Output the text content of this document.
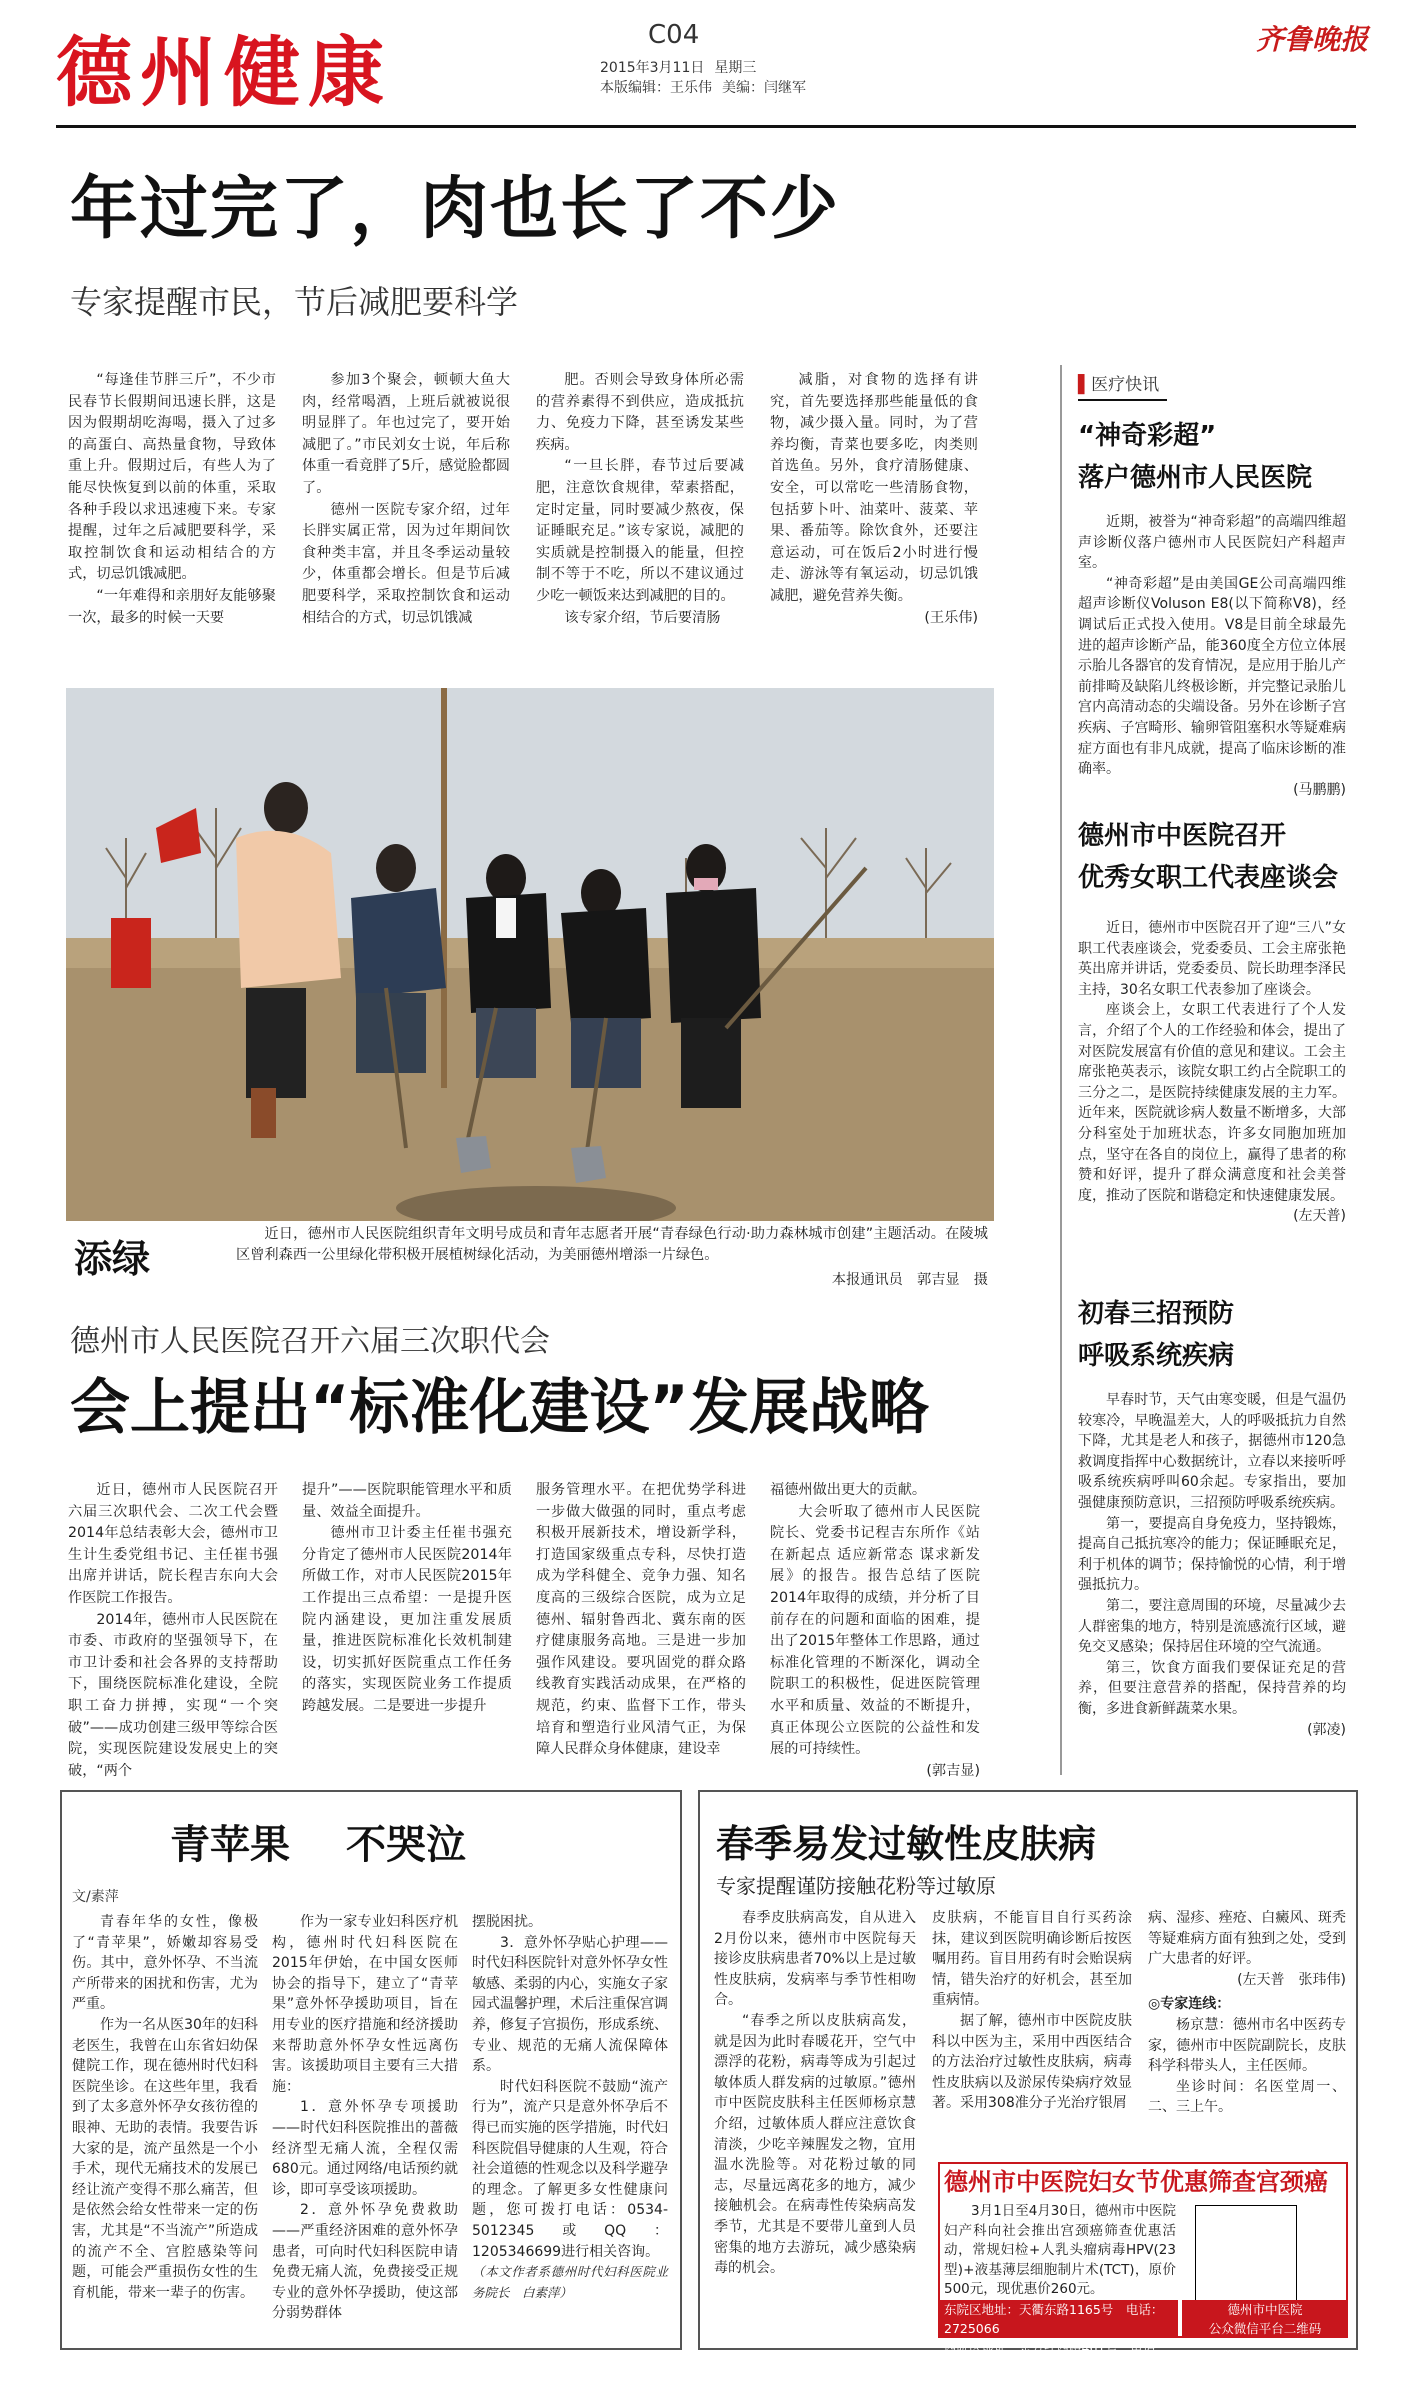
德州健康	C04
2015年3月11日 星期三
本版编辑：王乐伟 美编：闫继军
齐鲁晚报
年过完了，肉也长了不少
专家提醒市民，节后减肥要科学

“每逢佳节胖三斤”，不少市民春节长假期间迅速长胖，这是因为假期胡吃海喝，摄入了过多的高蛋白、高热量食物，导致体重上升。假期过后，有些人为了能尽快恢复到以前的体重，采取各种手段以求迅速瘦下来。专家提醒，过年之后减肥要科学，采取控制饮食和运动相结合的方式，切忌饥饿减肥。

“一年难得和亲朋好友能够聚一次，最多的时候一天要

参加3个聚会，顿顿大鱼大肉，经常喝酒，上班后就被说很明显胖了。年也过完了，要开始减肥了。”市民刘女士说，年后称体重一看竟胖了5斤，感觉脸都圆了。

德州一医院专家介绍，过年长胖实属正常，因为过年期间饮食种类丰富，并且冬季运动量较少，体重都会增长。但是节后减肥要科学，采取控制饮食和运动相结合的方式，切忌饥饿减

肥。否则会导致身体所必需的营养素得不到供应，造成抵抗力、免疫力下降，甚至诱发某些疾病。

“一旦长胖，春节过后要减肥，注意饮食规律，荤素搭配，定时定量，同时要减少熬夜，保证睡眠充足。”该专家说，减肥的实质就是控制摄入的能量，但控制不等于不吃，所以不建议通过少吃一顿饭来达到减肥的目的。

该专家介绍，节后要清肠

减脂，对食物的选择有讲究，首先要选择那些能量低的食物，减少摄入量。同时，为了营养均衡，青菜也要多吃，肉类则首选鱼。另外，食疗清肠健康、安全，可以常吃一些清肠食物，包括萝卜叶、油菜叶、菠菜、苹果、番茄等。除饮食外，还要注意运动，可在饭后2小时进行慢走、游泳等有氧运动，切忌饥饿减肥，避免营养失衡。

(王乐伟)

添绿
近日，德州市人民医院组织青年文明号成员和青年志愿者开展“青春绿色行动·助力森林城市创建”主题活动。在陵城区曾利森西一公里绿化带积极开展植树绿化活动，为美丽德州增添一片绿色。
本报通讯员　郭吉显　摄
德州市人民医院召开六届三次职代会
会上提出“标准化建设”发展战略

近日，德州市人民医院召开六届三次职代会、二次工代会暨2014年总结表彰大会，德州市卫生计生委党组书记、主任崔书强出席并讲话，院长程吉东向大会作医院工作报告。

2014年，德州市人民医院在市委、市政府的坚强领导下，在市卫计委和社会各界的支持帮助下，围绕医院标准化建设，全院职工奋力拼搏，实现“一个突破”——成功创建三级甲等综合医院，实现医院建设发展史上的突破，“两个

提升”——医院职能管理水平和质量、效益全面提升。

德州市卫计委主任崔书强充分肯定了德州市人民医院2014年所做工作，对市人民医院2015年工作提出三点希望：一是提升医院内涵建设，更加注重发展质量，推进医院标准化长效机制建设，切实抓好医院重点工作任务的落实，实现医院业务工作提质跨越发展。二是要进一步提升

服务管理水平。在把优势学科进一步做大做强的同时，重点考虑积极开展新技术，增设新学科，打造国家级重点专科，尽快打造成为学科健全、竞争力强、知名度高的三级综合医院，成为立足德州、辐射鲁西北、冀东南的医疗健康服务高地。三是进一步加强作风建设。要巩固党的群众路线教育实践活动成果，在严格的规范，约束、监督下工作，带头培育和塑造行业风清气正，为保障人民群众身体健康，建设幸

福德州做出更大的贡献。

大会听取了德州市人民医院院长、党委书记程吉东所作《站在新起点 适应新常态 谋求新发展》的报告。报告总结了医院2014年取得的成绩，并分析了目前存在的问题和面临的困难，提出了2015年整体工作思路，通过标准化管理的不断深化，调动全院职工的积极性，促进医院管理水平和质量、效益的不断提升，真正体现公立医院的公益性和发展的可持续性。

(郭吉显)

▌医疗快讯
“神奇彩超”
落户德州市人民医院

近期，被誉为“神奇彩超”的高端四维超声诊断仪落户德州市人民医院妇产科超声室。

“神奇彩超”是由美国GE公司高端四维超声诊断仪Voluson E8(以下简称V8)，经调试后正式投入使用。V8是目前全球最先进的超声诊断产品，能360度全方位立体展示胎儿各器官的发育情况，是应用于胎儿产前排畸及缺陷儿终极诊断，并完整记录胎儿宫内高清动态的尖端设备。另外在诊断子宫疾病、子宫畸形、输卵管阻塞积水等疑难病症方面也有非凡成就，提高了临床诊断的准确率。

(马鹏鹏)

德州市中医院召开
优秀女职工代表座谈会

近日，德州市中医院召开了迎“三八”女职工代表座谈会，党委委员、工会主席张艳英出席并讲话，党委委员、院长助理李泽民主持，30名女职工代表参加了座谈会。

座谈会上，女职工代表进行了个人发言，介绍了个人的工作经验和体会，提出了对医院发展富有价值的意见和建议。工会主席张艳英表示，该院女职工约占全院职工的三分之二，是医院持续健康发展的主力军。近年来，医院就诊病人数量不断增多，大部分科室处于加班状态，许多女同胞加班加点，坚守在各自的岗位上，赢得了患者的称赞和好评，提升了群众满意度和社会美誉度，推动了医院和谐稳定和快速健康发展。

(左天普)

初春三招预防
呼吸系统疾病

早春时节，天气由寒变暖，但是气温仍较寒冷，早晚温差大，人的呼吸抵抗力自然下降，尤其是老人和孩子，据德州市120急救调度指挥中心数据统计，立春以来接听呼吸系统疾病呼叫60余起。专家指出，要加强健康预防意识，三招预防呼吸系统疾病。

第一，要提高自身免疫力，坚持锻炼，提高自己抵抗寒冷的能力；保证睡眠充足，利于机体的调节；保持愉悦的心情，利于增强抵抗力。

第二，要注意周围的环境，尽量减少去人群密集的地方，特别是流感流行区域，避免交叉感染；保持居住环境的空气流通。

第三，饮食方面我们要保证充足的营养，但要注意营养的搭配，保持营养的均衡，多进食新鲜蔬菜水果。

(郭凌)

青苹果 不哭泣
文/素萍

青春年华的女性，像极了“青苹果”，娇嫩却容易受伤。其中，意外怀孕、不当流产所带来的困扰和伤害，尤为严重。

作为一名从医30年的妇科老医生，我曾在山东省妇幼保健院工作，现在德州时代妇科医院坐诊。在这些年里，我看到了太多意外怀孕女孩彷徨的眼神、无助的表情。我要告诉大家的是，流产虽然是一个小手术，现代无痛技术的发展已经让流产变得不那么痛苦，但是依然会给女性带来一定的伤害，尤其是“不当流产”所造成的流产不全、宫腔感染等问题，可能会严重损伤女性的生育机能，带来一辈子的伤害。

作为一家专业妇科医疗机构，德州时代妇科医院在2015年伊始，在中国女医师协会的指导下，建立了“青苹果”意外怀孕援助项目，旨在用专业的医疗措施和经济援助来帮助意外怀孕女性远离伤害。该援助项目主要有三大措施：

1．意外怀孕专项援助——时代妇科医院推出的蔷薇经济型无痛人流，全程仅需680元。通过网络/电话预约就诊，即可享受该项援助。

2．意外怀孕免费救助——严重经济困难的意外怀孕患者，可向时代妇科医院申请免费无痛人流，免费接受正规专业的意外怀孕援助，使这部分弱势群体

摆脱困扰。

3．意外怀孕贴心护理——时代妇科医院针对意外怀孕女性敏感、柔弱的内心，实施女子家园式温馨护理，术后注重保宫调养，修复子宫损伤，形成系统、专业、规范的无痛人流保障体系。

时代妇科医院不鼓励“流产行为”，流产只是意外怀孕后不得已而实施的医学措施，时代妇科医院倡导健康的人生观，符合社会道德的性观念以及科学避孕的理念。了解更多女性健康问题，您可拨打电话：0534-5012345或QQ：1205346699进行相关咨询。

（本文作者系德州时代妇科医院业务院长　白素萍）

春季易发过敏性皮肤病
专家提醒谨防接触花粉等过敏原

春季皮肤病高发，自从进入2月份以来，德州市中医院每天接诊皮肤病患者70%以上是过敏性皮肤病，发病率与季节性相吻合。

“春季之所以皮肤病高发，就是因为此时春暖花开，空气中漂浮的花粉，病毒等成为引起过敏体质人群发病的过敏原。”德州市中医院皮肤科主任医师杨京慧介绍，过敏体质人群应注意饮食清淡，少吃辛辣腥发之物，宜用温水洗脸等。对花粉过敏的同志，尽量远离花多的地方，减少接触机会。在病毒性传染病高发季节，尤其是不要带儿童到人员密集的地方去游玩，减少感染病毒的机会。

皮肤病，不能盲目自行买药涂抹，建议到医院明确诊断后按医嘱用药。盲目用药有时会贻误病情，错失治疗的好机会，甚至加重病情。

据了解，德州市中医院皮肤科以中医为主，采用中西医结合的方法治疗过敏性皮肤病，病毒性皮肤病以及淤尿传染病疗效显著。采用308准分子光治疗银屑

病、湿疹、痤疮、白癜风、斑秃等疑难病方面有独到之处，受到广大患者的好评。

(左天普　张玮伟)

◎专家连线：

杨京慧：德州市名中医药专家，德州市中医院副院长，皮肤科学科带头人，主任医师。

坐诊时间：名医堂周一、二、三上午。

德州市中医院妇女节优惠筛查宫颈癌

3月1日至4月30日，德州市中医院妇产科向社会推出宫颈癌筛查优惠活动，常规妇检+人乳头瘤病毒HPV(23型)+液基薄层细胞制片术(TCT)，原价500元，现优惠价260元。

东院区地址：天衢东路1165号　 电话：2725066
西院区地址：东方红西路461号　 电话：2220500
德州市中医院
公众微信平台二维码
